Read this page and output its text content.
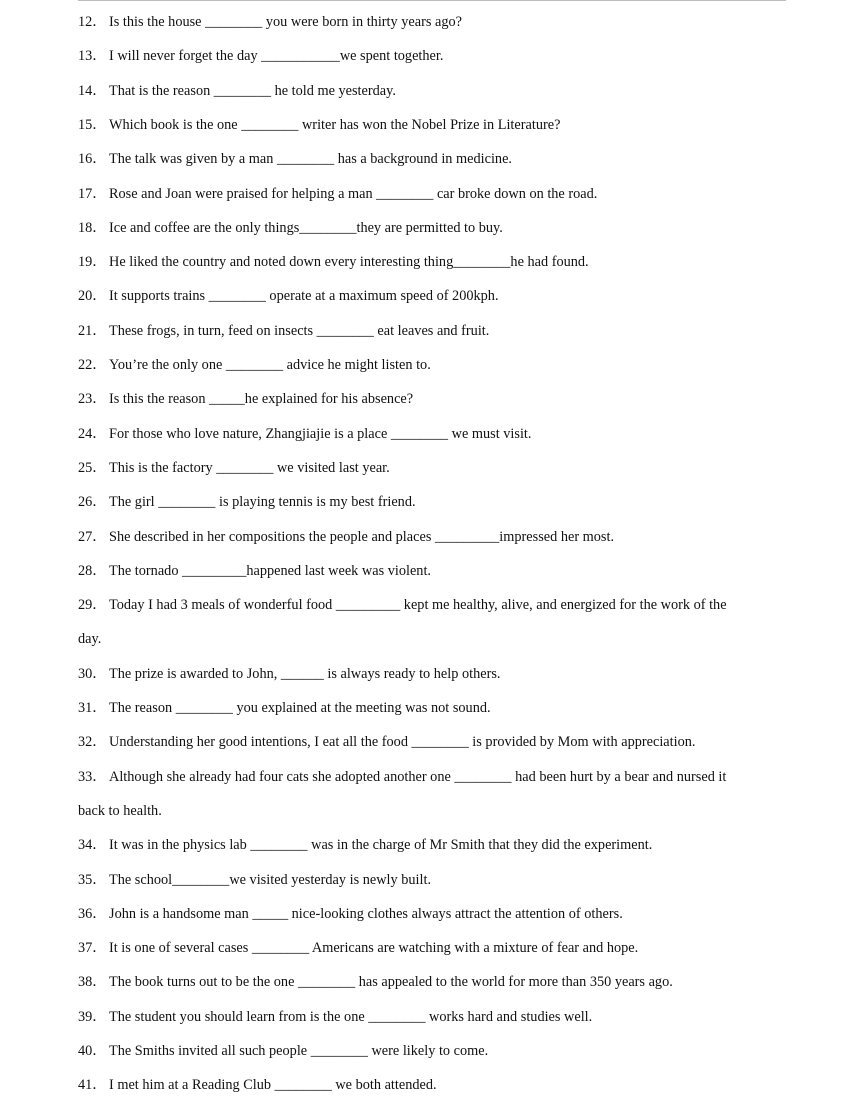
12． Is this the house ________ you were born in thirty years ago?
13． I will never forget the day ___________we spent together.
14． That is the reason ________ he told me yesterday.
15． Which book is the one ________ writer has won the Nobel Prize in Literature?
16． The talk was given by a man ________ has a background in medicine.
17． Rose and Joan were praised for helping a man ________ car broke down on the road.
18． Ice and coffee are the only things________they are permitted to buy.
19． He liked the country and noted down every interesting thing________he had found.
20． It supports trains ________ operate at a maximum speed of 200kph.
21． These frogs, in turn, feed on insects ________ eat leaves and fruit.
22． You’re the only one ________ advice he might listen to.
23． Is this the reason _____he explained for his absence?
24． For those who love nature, Zhangjiajie is a place ________ we must visit.
25． This is the factory ________ we visited last year.
26． The girl ________ is playing tennis is my best friend.
27． She described in her compositions the people and places _________impressed her most.
28． The tornado _________happened last week was violent.
29． Today I had 3 meals of wonderful food _________ kept me healthy, alive, and energized for the work of the
day.
30． The prize is awarded to John, ______ is always ready to help others.
31． The reason ________ you explained at the meeting was not sound.
32． Understanding her good intentions, I eat all the food ________ is provided by Mom with appreciation.
33． Although she already had four cats she adopted another one ________ had been hurt by a bear and nursed it
back to health.
34． It was in the physics lab ________ was in the charge of Mr Smith that they did the experiment.
35． The school________we visited yesterday is newly built.
36． John is a handsome man _____ nice-looking clothes always attract the attention of others.
37． It is one of several cases ________ Americans are watching with a mixture of fear and hope.
38． The book turns out to be the one ________ has appealed to the world for more than 350 years ago.
39． The student you should learn from is the one ________ works hard and studies well.
40． The Smiths invited all such people ________ were likely to come.
41． I met him at a Reading Club ________ we both attended.
